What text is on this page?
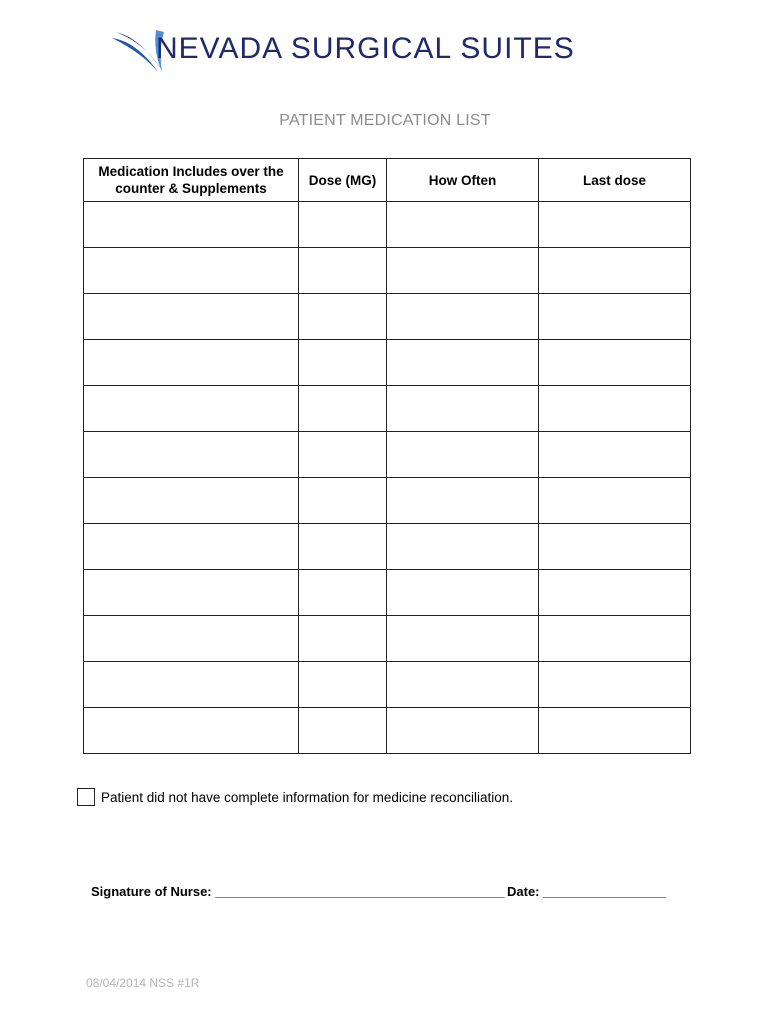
NEVADA SURGICAL SUITES
PATIENT MEDICATION LIST
Medication Includes over the counter & Supplements	Dose (MG)	How Often	Last dose

Patient did not have complete information for medicine reconciliation.
Signature of Nurse: ________________________________________ Date: _________________
08/04/2014 NSS #1R
